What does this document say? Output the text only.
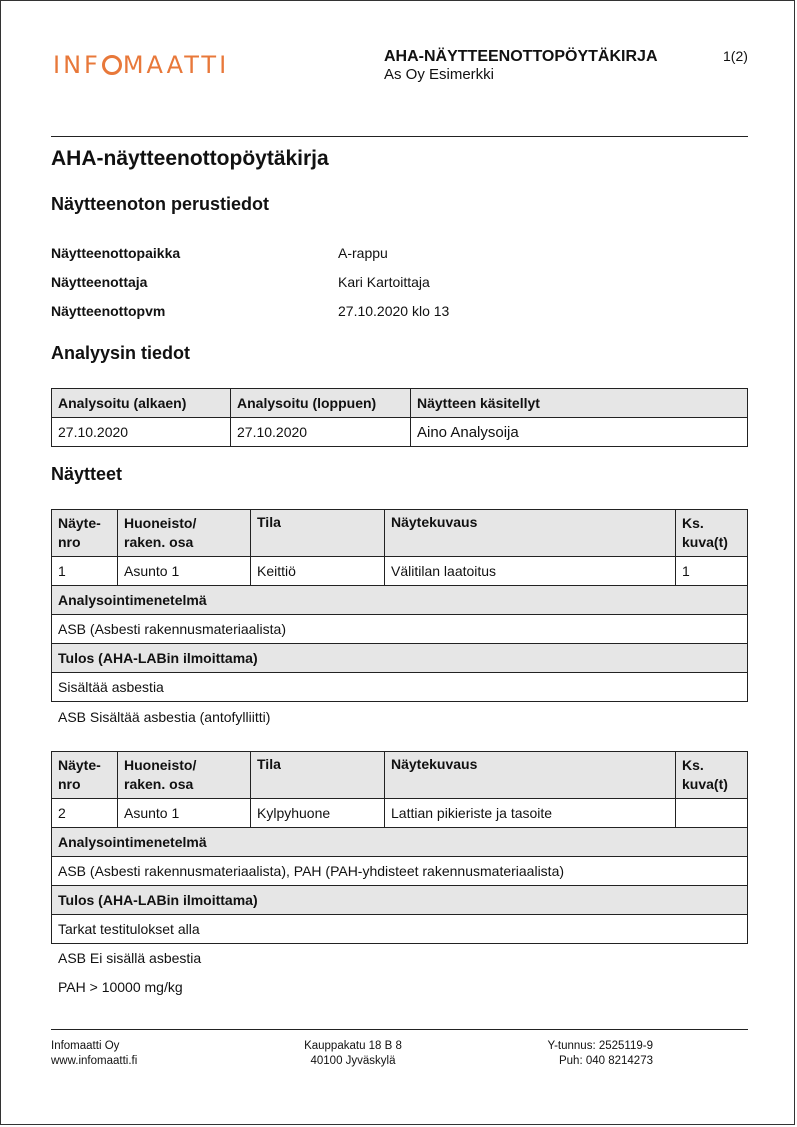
INF MAATTI	AHA-NÄYTTEENOTTOPÖYTÄKIRJA
As Oy Esimerkki
1(2)
AHA-näytteenottopöytäkirja
Näytteenoton perustiedot
Näytteenottopaikka	A-rappu
Näytteenottaja	Kari Kartoittaja
Näytteenottopvm	27.10.2020 klo 13
Analyysin tiedot
Analysoitu (alkaen)	Analysoitu (loppuen)	Näytteen käsitellyt
27.10.2020	27.10.2020	Aino Analysoija
Näytteet
Näyte-
nro	Huoneisto/
raken. osa	Tila	Näytekuvaus	Ks.
kuva(t)
1	Asunto 1	Keittiö	Välitilan laatoitus	1
Analysointimenetelmä				
ASB (Asbesti rakennusmateriaalista)				
Tulos (AHA-LABin ilmoittama)				
Sisältää asbestia				
ASB Sisältää asbestia (antofylliitti)
Näyte-
nro	Huoneisto/
raken. osa	Tila	Näytekuvaus	Ks.
kuva(t)
2	Asunto 1	Kylpyhuone	Lattian pikieriste ja tasoite	
Analysointimenetelmä				
ASB (Asbesti rakennusmateriaalista), PAH (PAH-yhdisteet rakennusmateriaalista)				
Tulos (AHA-LABin ilmoittama)				
Tarkat testitulokset alla				
ASB Ei sisällä asbestia
PAH > 10000 mg/kg
Infomaatti Oy
www.infomaatti.fi
Kauppakatu 18 B 8
40100 Jyväskylä
Y-tunnus: 2525119-9
Puh: 040 8214273
